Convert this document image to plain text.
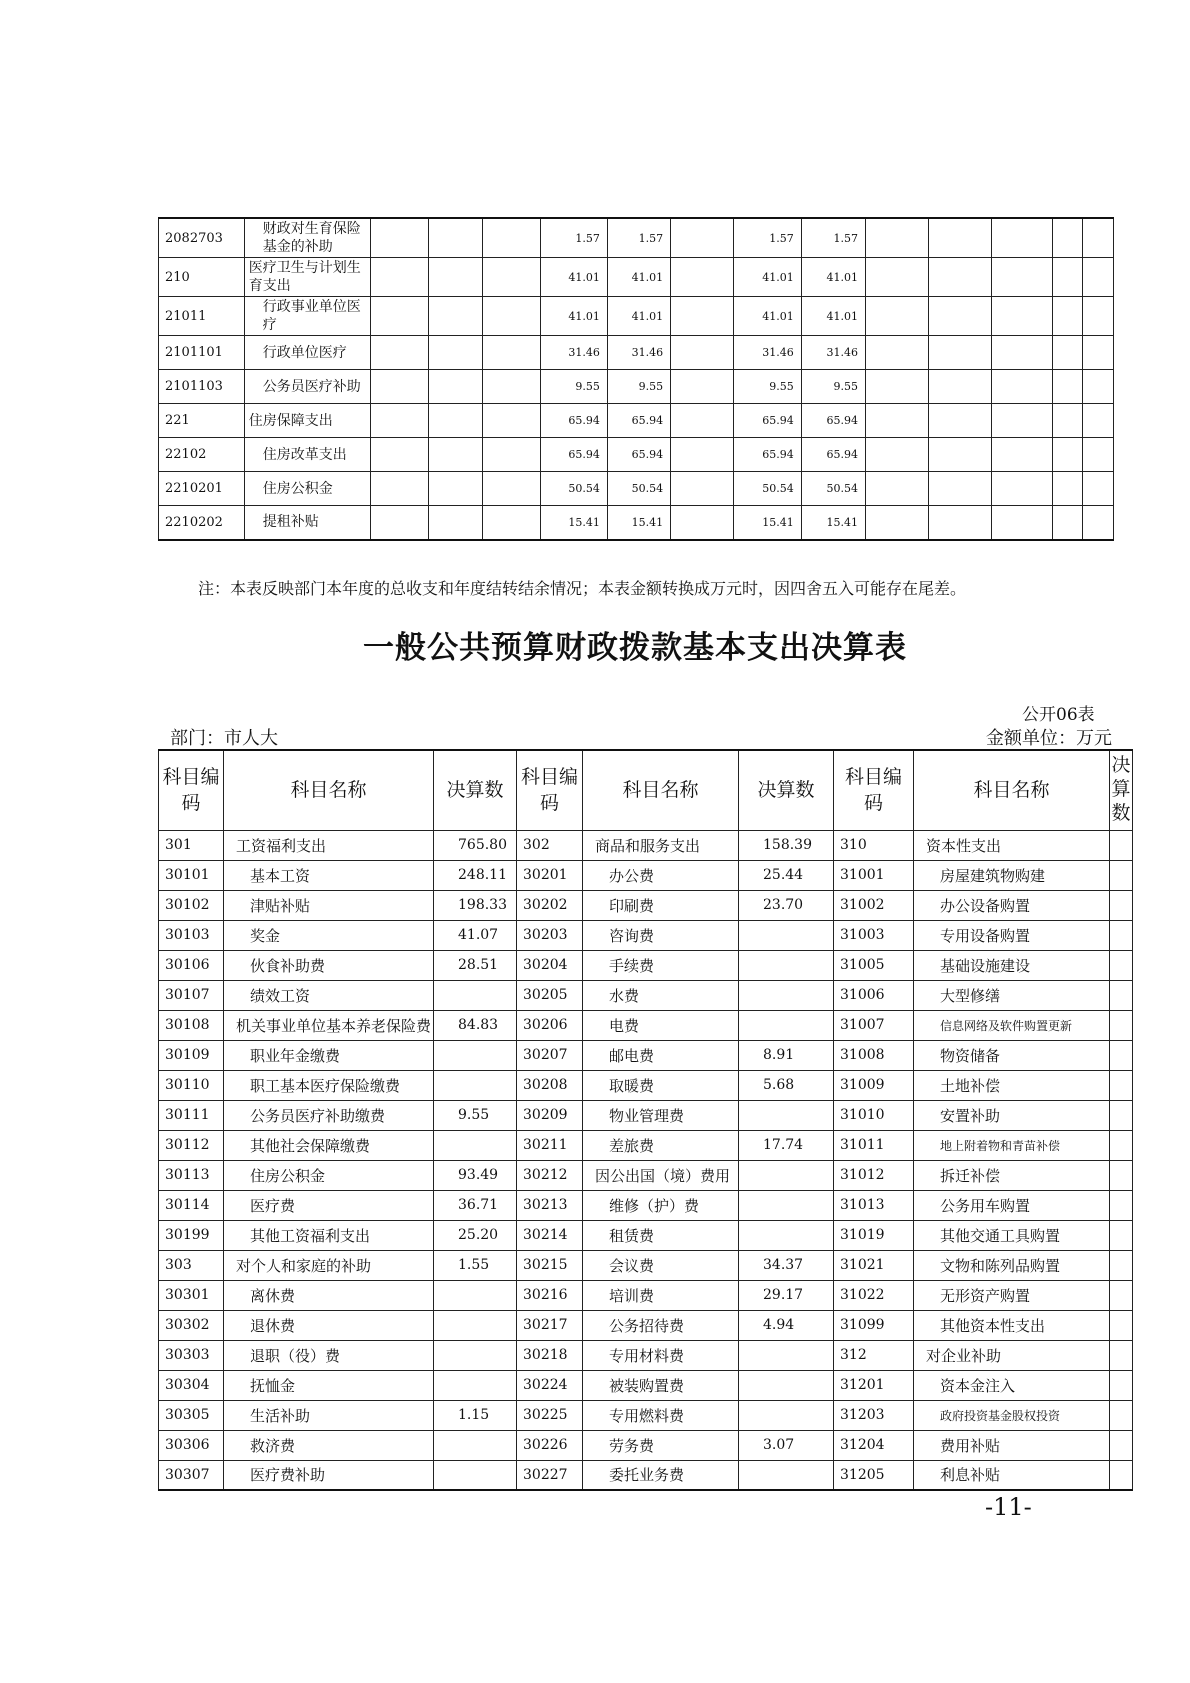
2082703	财政对生育保险基金的补助				1.57	1.57		1.57	1.57					
210	医疗卫生与计划生育支出				41.01	41.01		41.01	41.01					
21011	行政事业单位医疗				41.01	41.01		41.01	41.01					
2101101	行政单位医疗				31.46	31.46		31.46	31.46					
2101103	公务员医疗补助				9.55	9.55		9.55	9.55					
221	住房保障支出				65.94	65.94		65.94	65.94					
22102	住房改革支出				65.94	65.94		65.94	65.94					
2210201	住房公积金				50.54	50.54		50.54	50.54					
2210202	提租补贴				15.41	15.41		15.41	15.41					
注：本表反映部门本年度的总收支和年度结转结余情况；本表金额转换成万元时，因四舍五入可能存在尾差。
一般公共预算财政拨款基本支出决算表
公开06表
部门：市人大	金额单位：万元
科目编码	科目名称	决算数	科目编码	科目名称	决算数	科目编码	科目名称	决算数
301	工资福利支出	765.80	302	商品和服务支出	158.39	310	资本性支出	
30101	基本工资	248.11	30201	办公费	25.44	31001	房屋建筑物购建	
30102	津贴补贴	198.33	30202	印刷费	23.70	31002	办公设备购置	
30103	奖金	41.07	30203	咨询费		31003	专用设备购置	
30106	伙食补助费	28.51	30204	手续费		31005	基础设施建设	
30107	绩效工资		30205	水费		31006	大型修缮	
30108	机关事业单位基本养老保险费	84.83	30206	电费		31007	信息网络及软件购置更新	
30109	职业年金缴费		30207	邮电费	8.91	31008	物资储备	
30110	职工基本医疗保险缴费		30208	取暖费	5.68	31009	土地补偿	
30111	公务员医疗补助缴费	9.55	30209	物业管理费		31010	安置补助	
30112	其他社会保障缴费		30211	差旅费	17.74	31011	地上附着物和青苗补偿	
30113	住房公积金	93.49	30212	因公出国（境）费用		31012	拆迁补偿	
30114	医疗费	36.71	30213	维修（护）费		31013	公务用车购置	
30199	其他工资福利支出	25.20	30214	租赁费		31019	其他交通工具购置	
303	对个人和家庭的补助	1.55	30215	会议费	34.37	31021	文物和陈列品购置	
30301	离休费		30216	培训费	29.17	31022	无形资产购置	
30302	退休费		30217	公务招待费	4.94	31099	其他资本性支出	
30303	退职（役）费		30218	专用材料费		312	对企业补助	
30304	抚恤金		30224	被装购置费		31201	资本金注入	
30305	生活补助	1.15	30225	专用燃料费		31203	政府投资基金股权投资	
30306	救济费		30226	劳务费	3.07	31204	费用补贴	
30307	医疗费补助		30227	委托业务费		31205	利息补贴	
-11-
